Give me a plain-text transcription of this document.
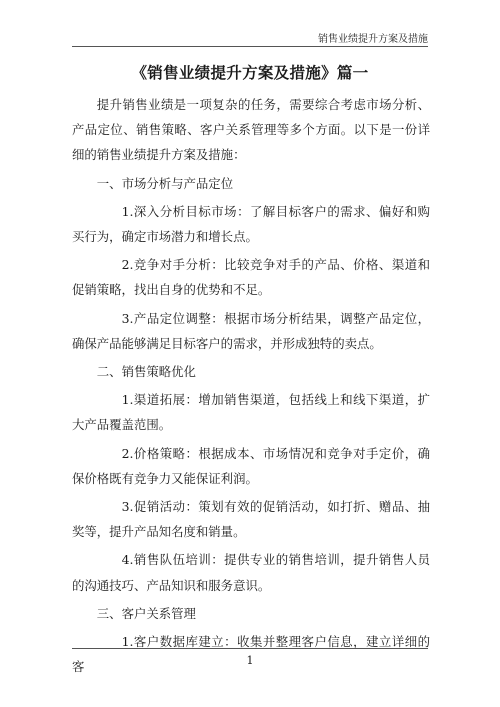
销售业绩提升方案及措施
《销售业绩提升方案及措施》篇一

提升销售业绩是一项复杂的任务，需要综合考虑市场分析、产品定位、销售策略、客户关系管理等多个方面。以下是一份详细的销售业绩提升方案及措施：

一、市场分析与产品定位

1.深入分析目标市场：了解目标客户的需求、偏好和购买行为，确定市场潜力和增长点。

2.竞争对手分析：比较竞争对手的产品、价格、渠道和促销策略，找出自身的优势和不足。

3.产品定位调整：根据市场分析结果，调整产品定位，确保产品能够满足目标客户的需求，并形成独特的卖点。

二、销售策略优化

1.渠道拓展：增加销售渠道，包括线上和线下渠道，扩大产品覆盖范围。

2.价格策略：根据成本、市场情况和竞争对手定价，确保价格既有竞争力又能保证利润。

3.促销活动：策划有效的促销活动，如打折、赠品、抽奖等，提升产品知名度和销量。

4.销售队伍培训：提供专业的销售培训，提升销售人员的沟通技巧、产品知识和服务意识。

三、客户关系管理

1.客户数据库建立：收集并整理客户信息，建立详细的客	1
